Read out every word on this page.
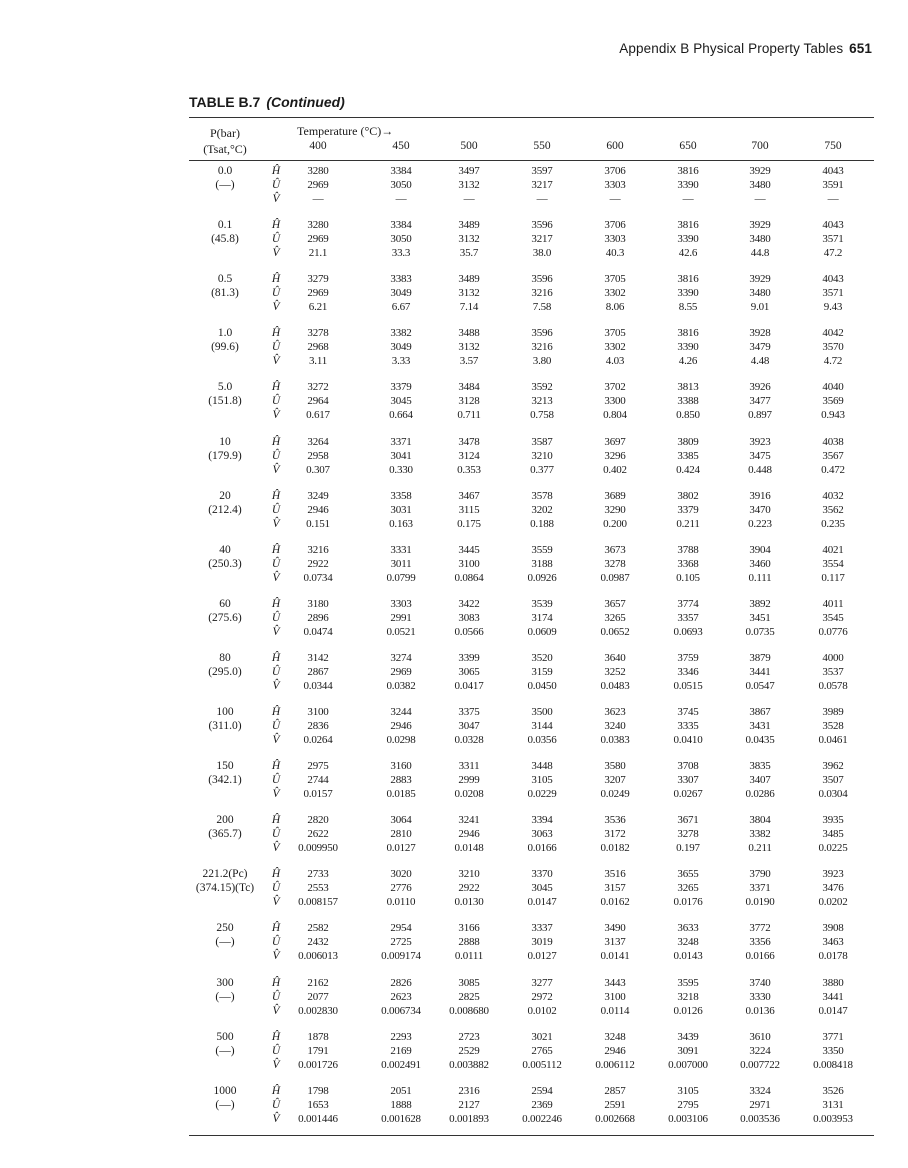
Appendix B Physical Property Tables 651
TABLE B.7 (Continued)
P(bar)
(Tsat,°C)
Temperature (°C)→
400	450	500	550	600	650	700	750
0.0
(—)
Ĥ	3280	3384	3497	3597	3706	3816	3929	4043
Û	2969	3050	3132	3217	3303	3390	3480	3591
V̂	—	—	—	—	—	—	—	—
0.1
(45.8)
Ĥ	3280	3384	3489	3596	3706	3816	3929	4043
Û	2969	3050	3132	3217	3303	3390	3480	3571
V̂	21.1	33.3	35.7	38.0	40.3	42.6	44.8	47.2
0.5
(81.3)
Ĥ	3279	3383	3489	3596	3705	3816	3929	4043
Û	2969	3049	3132	3216	3302	3390	3480	3571
V̂	6.21	6.67	7.14	7.58	8.06	8.55	9.01	9.43
1.0
(99.6)
Ĥ	3278	3382	3488	3596	3705	3816	3928	4042
Û	2968	3049	3132	3216	3302	3390	3479	3570
V̂	3.11	3.33	3.57	3.80	4.03	4.26	4.48	4.72
5.0
(151.8)
Ĥ	3272	3379	3484	3592	3702	3813	3926	4040
Û	2964	3045	3128	3213	3300	3388	3477	3569
V̂	0.617	0.664	0.711	0.758	0.804	0.850	0.897	0.943
10
(179.9)
Ĥ	3264	3371	3478	3587	3697	3809	3923	4038
Û	2958	3041	3124	3210	3296	3385	3475	3567
V̂	0.307	0.330	0.353	0.377	0.402	0.424	0.448	0.472
20
(212.4)
Ĥ	3249	3358	3467	3578	3689	3802	3916	4032
Û	2946	3031	3115	3202	3290	3379	3470	3562
V̂	0.151	0.163	0.175	0.188	0.200	0.211	0.223	0.235
40
(250.3)
Ĥ	3216	3331	3445	3559	3673	3788	3904	4021
Û	2922	3011	3100	3188	3278	3368	3460	3554
V̂	0.0734	0.0799	0.0864	0.0926	0.0987	0.105	0.111	0.117
60
(275.6)
Ĥ	3180	3303	3422	3539	3657	3774	3892	4011
Û	2896	2991	3083	3174	3265	3357	3451	3545
V̂	0.0474	0.0521	0.0566	0.0609	0.0652	0.0693	0.0735	0.0776
80
(295.0)
Ĥ	3142	3274	3399	3520	3640	3759	3879	4000
Û	2867	2969	3065	3159	3252	3346	3441	3537
V̂	0.0344	0.0382	0.0417	0.0450	0.0483	0.0515	0.0547	0.0578
100
(311.0)
Ĥ	3100	3244	3375	3500	3623	3745	3867	3989
Û	2836	2946	3047	3144	3240	3335	3431	3528
V̂	0.0264	0.0298	0.0328	0.0356	0.0383	0.0410	0.0435	0.0461
150
(342.1)
Ĥ	2975	3160	3311	3448	3580	3708	3835	3962
Û	2744	2883	2999	3105	3207	3307	3407	3507
V̂	0.0157	0.0185	0.0208	0.0229	0.0249	0.0267	0.0286	0.0304
200
(365.7)
Ĥ	2820	3064	3241	3394	3536	3671	3804	3935
Û	2622	2810	2946	3063	3172	3278	3382	3485
V̂	0.009950	0.0127	0.0148	0.0166	0.0182	0.197	0.211	0.0225
221.2(Pc)
(374.15)(Tc)
Ĥ	2733	3020	3210	3370	3516	3655	3790	3923
Û	2553	2776	2922	3045	3157	3265	3371	3476
V̂	0.008157	0.0110	0.0130	0.0147	0.0162	0.0176	0.0190	0.0202
250
(—)
Ĥ	2582	2954	3166	3337	3490	3633	3772	3908
Û	2432	2725	2888	3019	3137	3248	3356	3463
V̂	0.006013	0.009174	0.0111	0.0127	0.0141	0.0143	0.0166	0.0178
300
(—)
Ĥ	2162	2826	3085	3277	3443	3595	3740	3880
Û	2077	2623	2825	2972	3100	3218	3330	3441
V̂	0.002830	0.006734	0.008680	0.0102	0.0114	0.0126	0.0136	0.0147
500
(—)
Ĥ	1878	2293	2723	3021	3248	3439	3610	3771
Û	1791	2169	2529	2765	2946	3091	3224	3350
V̂	0.001726	0.002491	0.003882	0.005112	0.006112	0.007000	0.007722	0.008418
1000
(—)
Ĥ	1798	2051	2316	2594	2857	3105	3324	3526
Û	1653	1888	2127	2369	2591	2795	2971	3131
V̂	0.001446	0.001628	0.001893	0.002246	0.002668	0.003106	0.003536	0.003953
